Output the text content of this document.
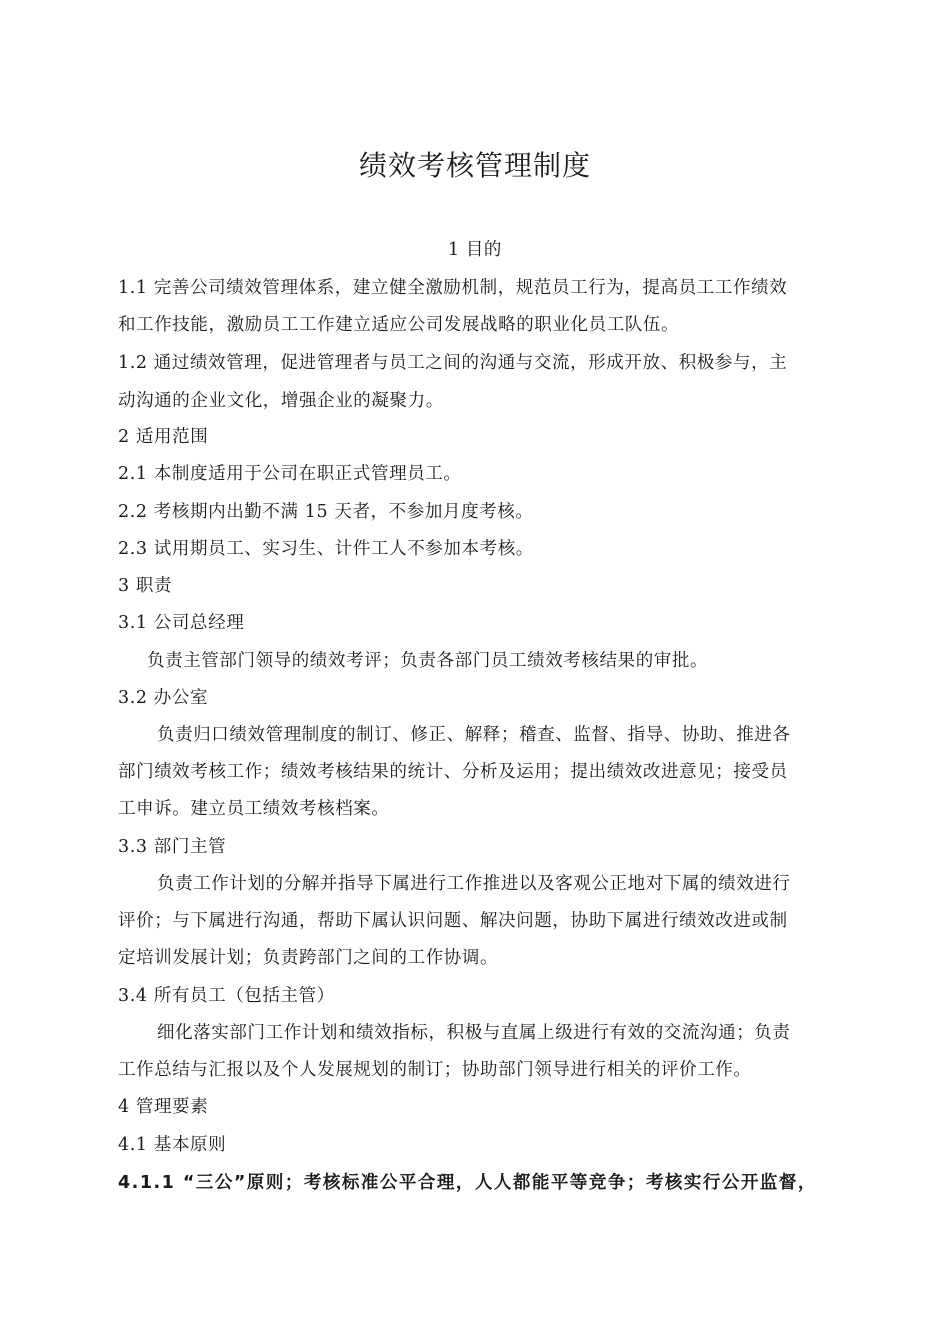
绩效考核管理制度
1 目的
1.1 完善公司绩效管理体系，建立健全激励机制，规范员工行为，提高员工工作绩效
和工作技能，激励员工工作建立适应公司发展战略的职业化员工队伍。
1.2 通过绩效管理，促进管理者与员工之间的沟通与交流，形成开放、积极参与，主
动沟通的企业文化，增强企业的凝聚力。
2 适用范围
2.1 本制度适用于公司在职正式管理员工。
2.2 考核期内出勤不满 15 天者，不参加月度考核。
2.3 试用期员工、实习生、计件工人不参加本考核。
3 职责
3.1 公司总经理
负责主管部门领导的绩效考评；负责各部门员工绩效考核结果的审批。
3.2 办公室
负责归口绩效管理制度的制订、修正、解释；稽查、监督、指导、协助、推进各
部门绩效考核工作；绩效考核结果的统计、分析及运用；提出绩效改进意见；接受员
工申诉。建立员工绩效考核档案。
3.3 部门主管
负责工作计划的分解并指导下属进行工作推进以及客观公正地对下属的绩效进行
评价；与下属进行沟通，帮助下属认识问题、解决问题，协助下属进行绩效改进或制
定培训发展计划；负责跨部门之间的工作协调。
3.4 所有员工（包括主管）
细化落实部门工作计划和绩效指标，积极与直属上级进行有效的交流沟通；负责
工作总结与汇报以及个人发展规划的制订；协助部门领导进行相关的评价工作。
4 管理要素
4.1 基本原则
4.1.1 “三公”原则；考核标准公平合理，人人都能平等竞争；考核实行公开监督，
